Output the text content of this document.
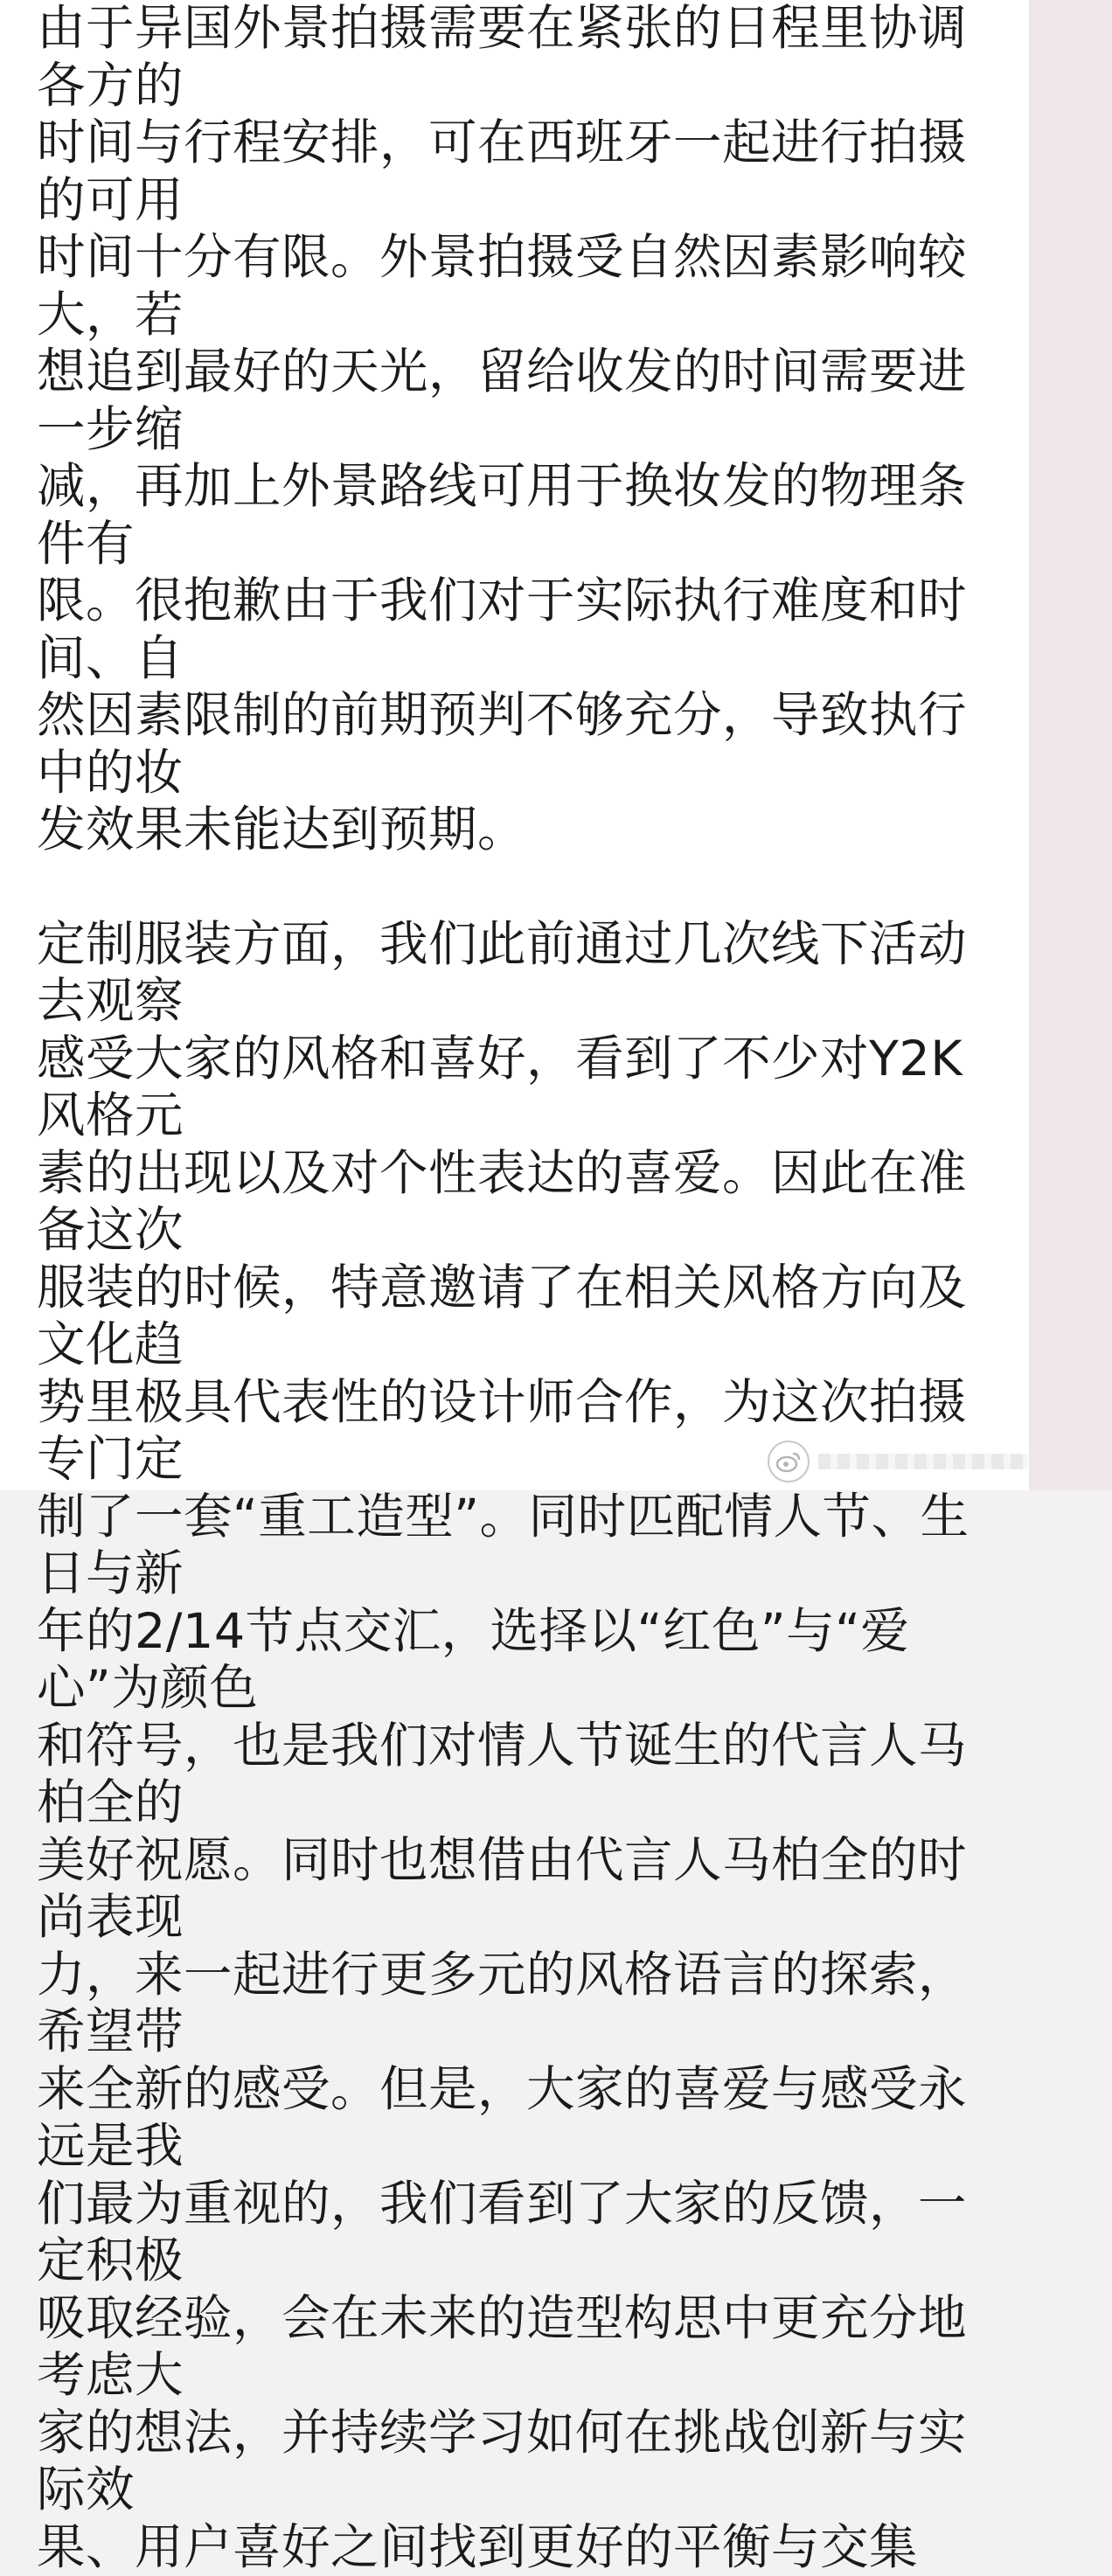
由于异国外景拍摄需要在紧张的日程里协调各方的
时间与行程安排，可在西班牙一起进行拍摄的可用
时间十分有限。外景拍摄受自然因素影响较大，若
想追到最好的天光，留给收发的时间需要进一步缩
减，再加上外景路线可用于换妆发的物理条件有
限。很抱歉由于我们对于实际执行难度和时间、自
然因素限制的前期预判不够充分，导致执行中的妆
发效果未能达到预期。

定制服装方面，我们此前通过几次线下活动去观察
感受大家的风格和喜好，看到了不少对Y2K风格元
素的出现以及对个性表达的喜爱。因此在准备这次
服装的时候，特意邀请了在相关风格方向及文化趋
势里极具代表性的设计师合作，为这次拍摄专门定
制了一套“重工造型”。同时匹配情人节、生日与新
年的2/14节点交汇，选择以“红色”与“爱心”为颜色
和符号，也是我们对情人节诞生的代言人马柏全的
美好祝愿。同时也想借由代言人马柏全的时尚表现
力，来一起进行更多元的风格语言的探索，希望带
来全新的感受。但是，大家的喜爱与感受永远是我
们最为重视的，我们看到了大家的反馈，一定积极
吸取经验，会在未来的造型构思中更充分地考虑大
家的想法，并持续学习如何在挑战创新与实际效
果、用户喜好之间找到更好的平衡与交集
